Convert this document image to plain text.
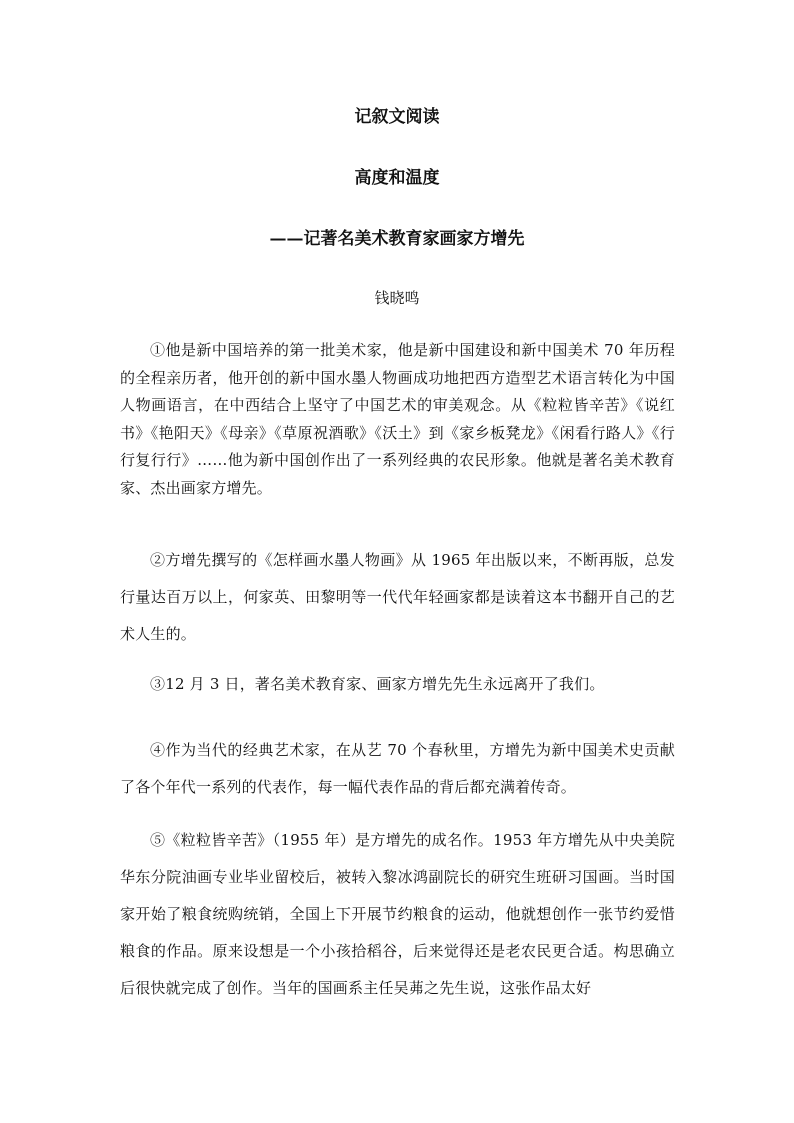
记叙文阅读
高度和温度
——记著名美术教育家画家方增先

钱晓鸣

①他是新中国培养的第一批美术家，他是新中国建设和新中国美术 70 年历程的全程亲历者，他开创的新中国水墨人物画成功地把西方造型艺术语言转化为中国人物画语言，在中西结合上坚守了中国艺术的审美观念。从《粒粒皆辛苦》《说红书》《艳阳天》《母亲》《草原祝酒歌》《沃土》到《家乡板凳龙》《闲看行路人》《行行复行行》……他为新中国创作出了一系列经典的农民形象。他就是著名美术教育家、杰出画家方增先。

②方增先撰写的《怎样画水墨人物画》从 1965 年出版以来，不断再版，总发行量达百万以上，何家英、田黎明等一代代年轻画家都是读着这本书翻开自己的艺术人生的。

③12 月 3 日，著名美术教育家、画家方增先先生永远离开了我们。

④作为当代的经典艺术家，在从艺 70 个春秋里，方增先为新中国美术史贡献了各个年代一系列的代表作，每一幅代表作品的背后都充满着传奇。

⑤《粒粒皆辛苦》（1955 年）是方增先的成名作。1953 年方增先从中央美院华东分院油画专业毕业留校后，被转入黎冰鸿副院长的研究生班研习国画。当时国家开始了粮食统购统销，全国上下开展节约粮食的运动，他就想创作一张节约爱惜粮食的作品。原来设想是一个小孩拾稻谷，后来觉得还是老农民更合适。构思确立后很快就完成了创作。当年的国画系主任吴茀之先生说，这张作品太好
